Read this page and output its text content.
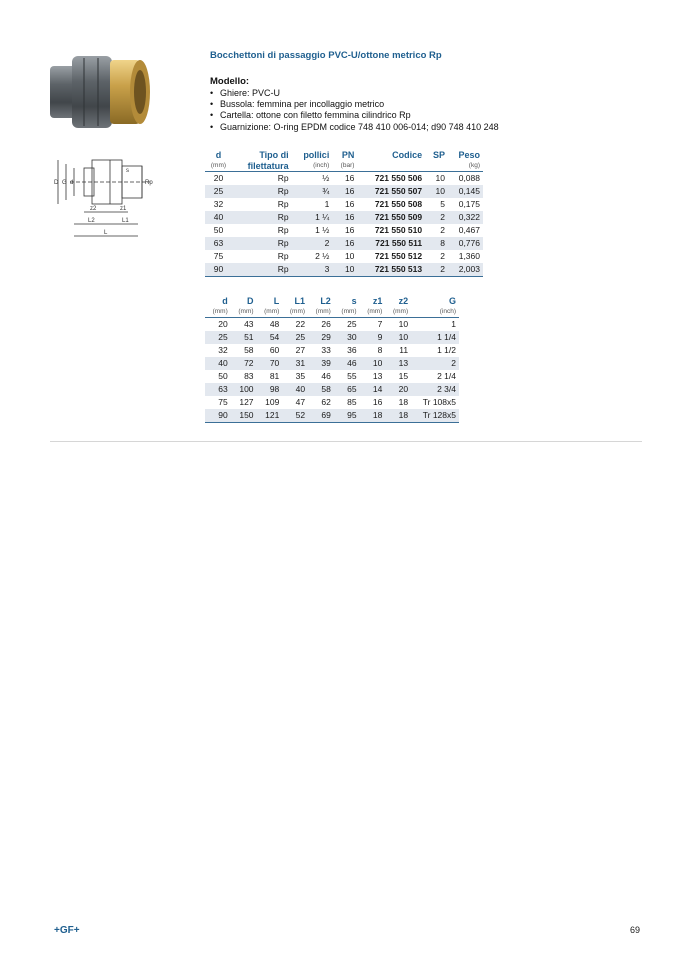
D G d
s
Rp
z2	z1
L2	L1
L
Bocchettoni di passaggio PVC-U/ottone metrico Rp
Modello:
• Ghiere: PVC-U
• Bussola: femmina per incollaggio metrico
• Cartella: ottone con filetto femmina cilindrico Rp
• Guarnizione: O-ring EPDM codice 748 410 006-014; d90 748 410 248
d	Tipo di	pollici	PN	Codice	SP	Peso
(mm)	filettatura	(inch)	(bar)			(kg)
20	Rp	½	16	721 550 506	10	0,088
25	Rp	¾	16	721 550 507	10	0,145
32	Rp	1	16	721 550 508	5	0,175
40	Rp	1 ¼	16	721 550 509	2	0,322
50	Rp	1 ½	16	721 550 510	2	0,467
63	Rp	2	16	721 550 511	8	0,776
75	Rp	2 ½	10	721 550 512	2	1,360
90	Rp	3	10	721 550 513	2	2,003
d	D	L	L1	L2	s	z1	z2	G
(mm)	(mm)	(mm)	(mm)	(mm)	(mm)	(mm)	(mm)	(inch)
20	43	48	22	26	25	7	10	1
25	51	54	25	29	30	9	10	1 1/4
32	58	60	27	33	36	8	11	1 1/2
40	72	70	31	39	46	10	13	2
50	83	81	35	46	55	13	15	2 1/4
63	100	98	40	58	65	14	20	2 3/4
75	127	109	47	62	85	16	18	Tr 108x5
90	150	121	52	69	95	18	18	Tr 128x5
+GF+	69
